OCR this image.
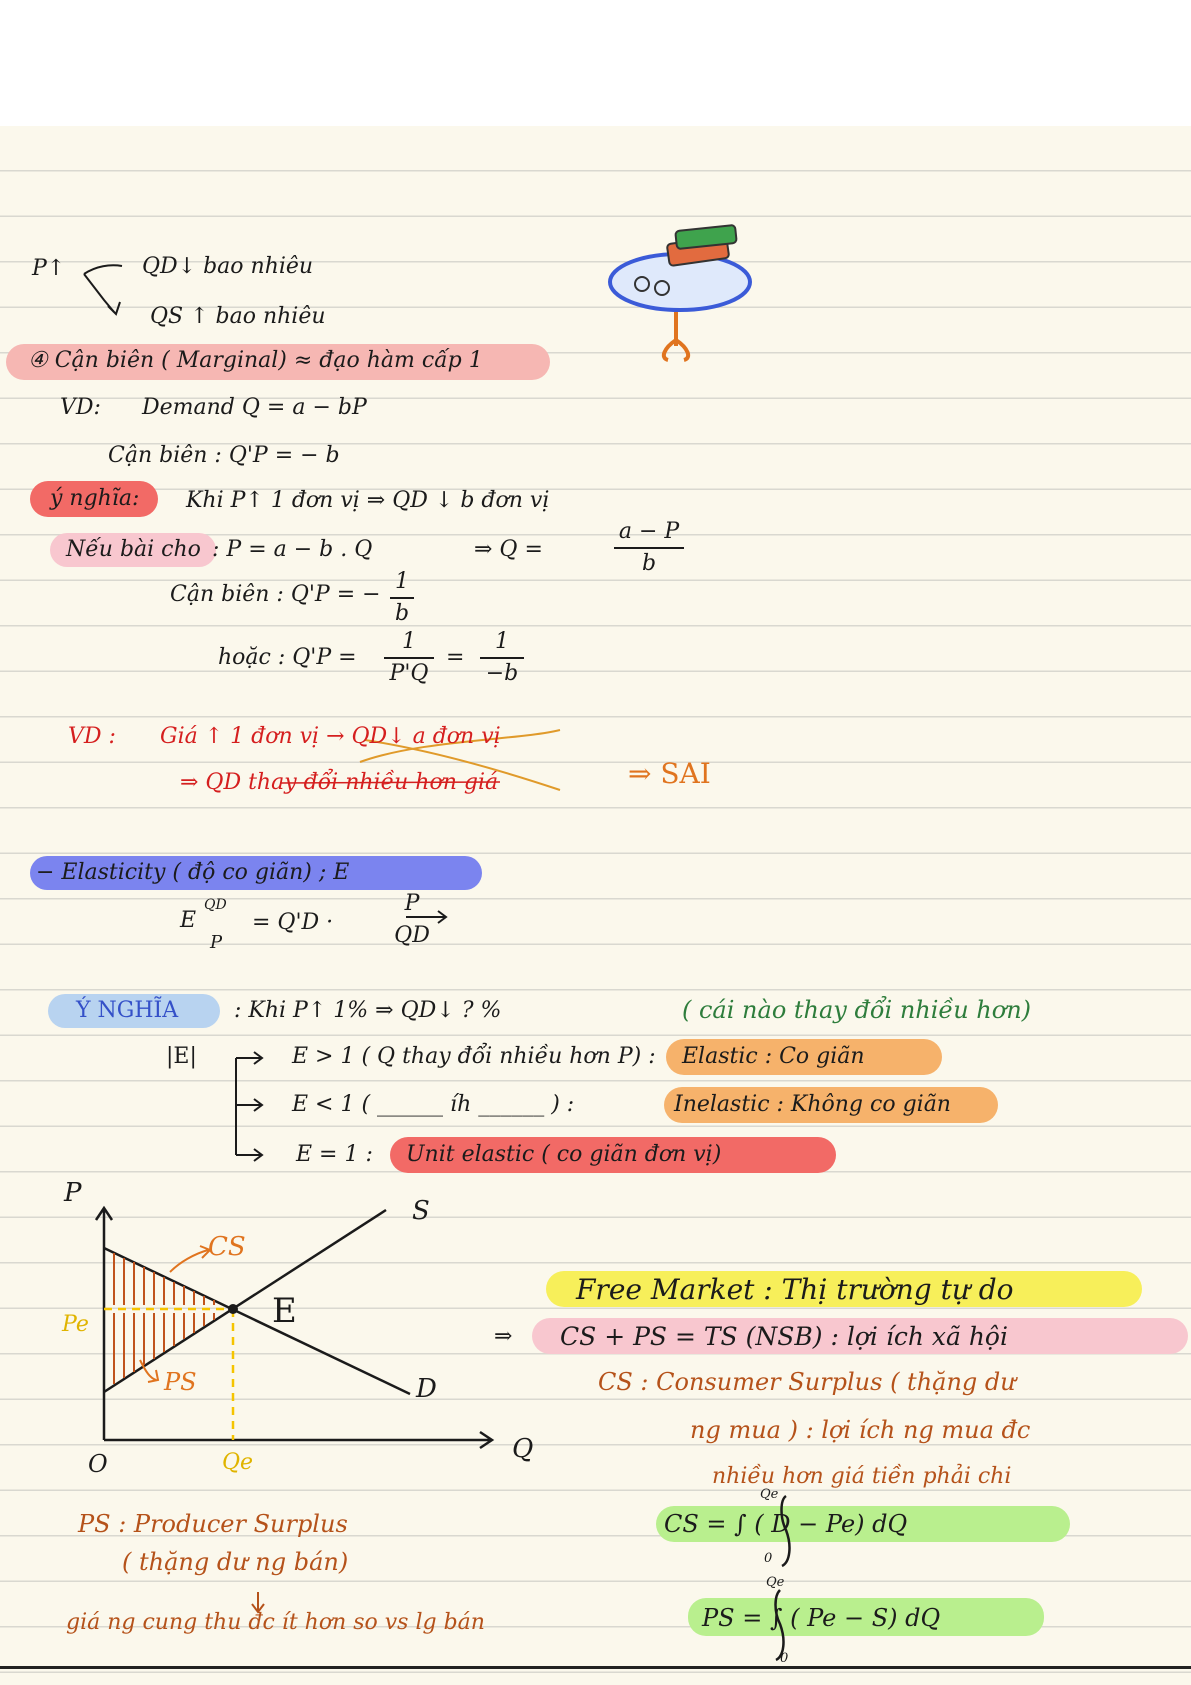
P↑	QD↓ bao nhiêu
QS ↑ bao nhiêu
④ Cận biên ( Marginal) ≈ đạo hàm cấp 1
VD: Demand Q = a − bP
Cận biên : Q'P = − b
ý nghĩa: Khi P↑ 1 đơn vị ⇒ QD ↓ b đơn vị
Nếu bài cho : P = a − b . Q	⇒ Q =
a − P
b
Cận biên : Q'P = −
1
b
hoặc : Q'P =
1
P'Q
=
1
−b
VD : Giá ↑ 1 đơn vị → QD↓ a đơn vị
⇒ QD thay đổi nhiều hơn giá	⇒ SAI
− Elasticity ( độ co giãn) ; E
E
QD
P
= Q'D ·
P
QD
Ý NGHĨA	: Khi P↑ 1% ⇒ QD↓ ? %	( cái nào thay đổi nhiều hơn)
|E|	E > 1 ( Q thay đổi nhiều hơn P) : Elastic : Co giãn
E < 1 ( ______ íh ______ ) :	Inelastic : Không co giãn
E = 1 : Unit elastic ( co giãn đơn vị)
P
Q
O
S
D
E
Pe
Qe
CS
PS
⇒
Free Market : Thị trường tự do
CS + PS = TS (NSB) : lợi ích xã hội
CS : Consumer Surplus ( thặng dư
ng mua ) : lợi ích ng mua đc
nhiều hơn giá tiền phải chi
CS = ∫ ( D − Pe) dQ
Qe
0
PS = ∫ ( Pe − S) dQ
Qe
0
PS : Producer Surplus
( thặng dư ng bán)
giá ng cung thu đc ít hơn so vs lg bán
